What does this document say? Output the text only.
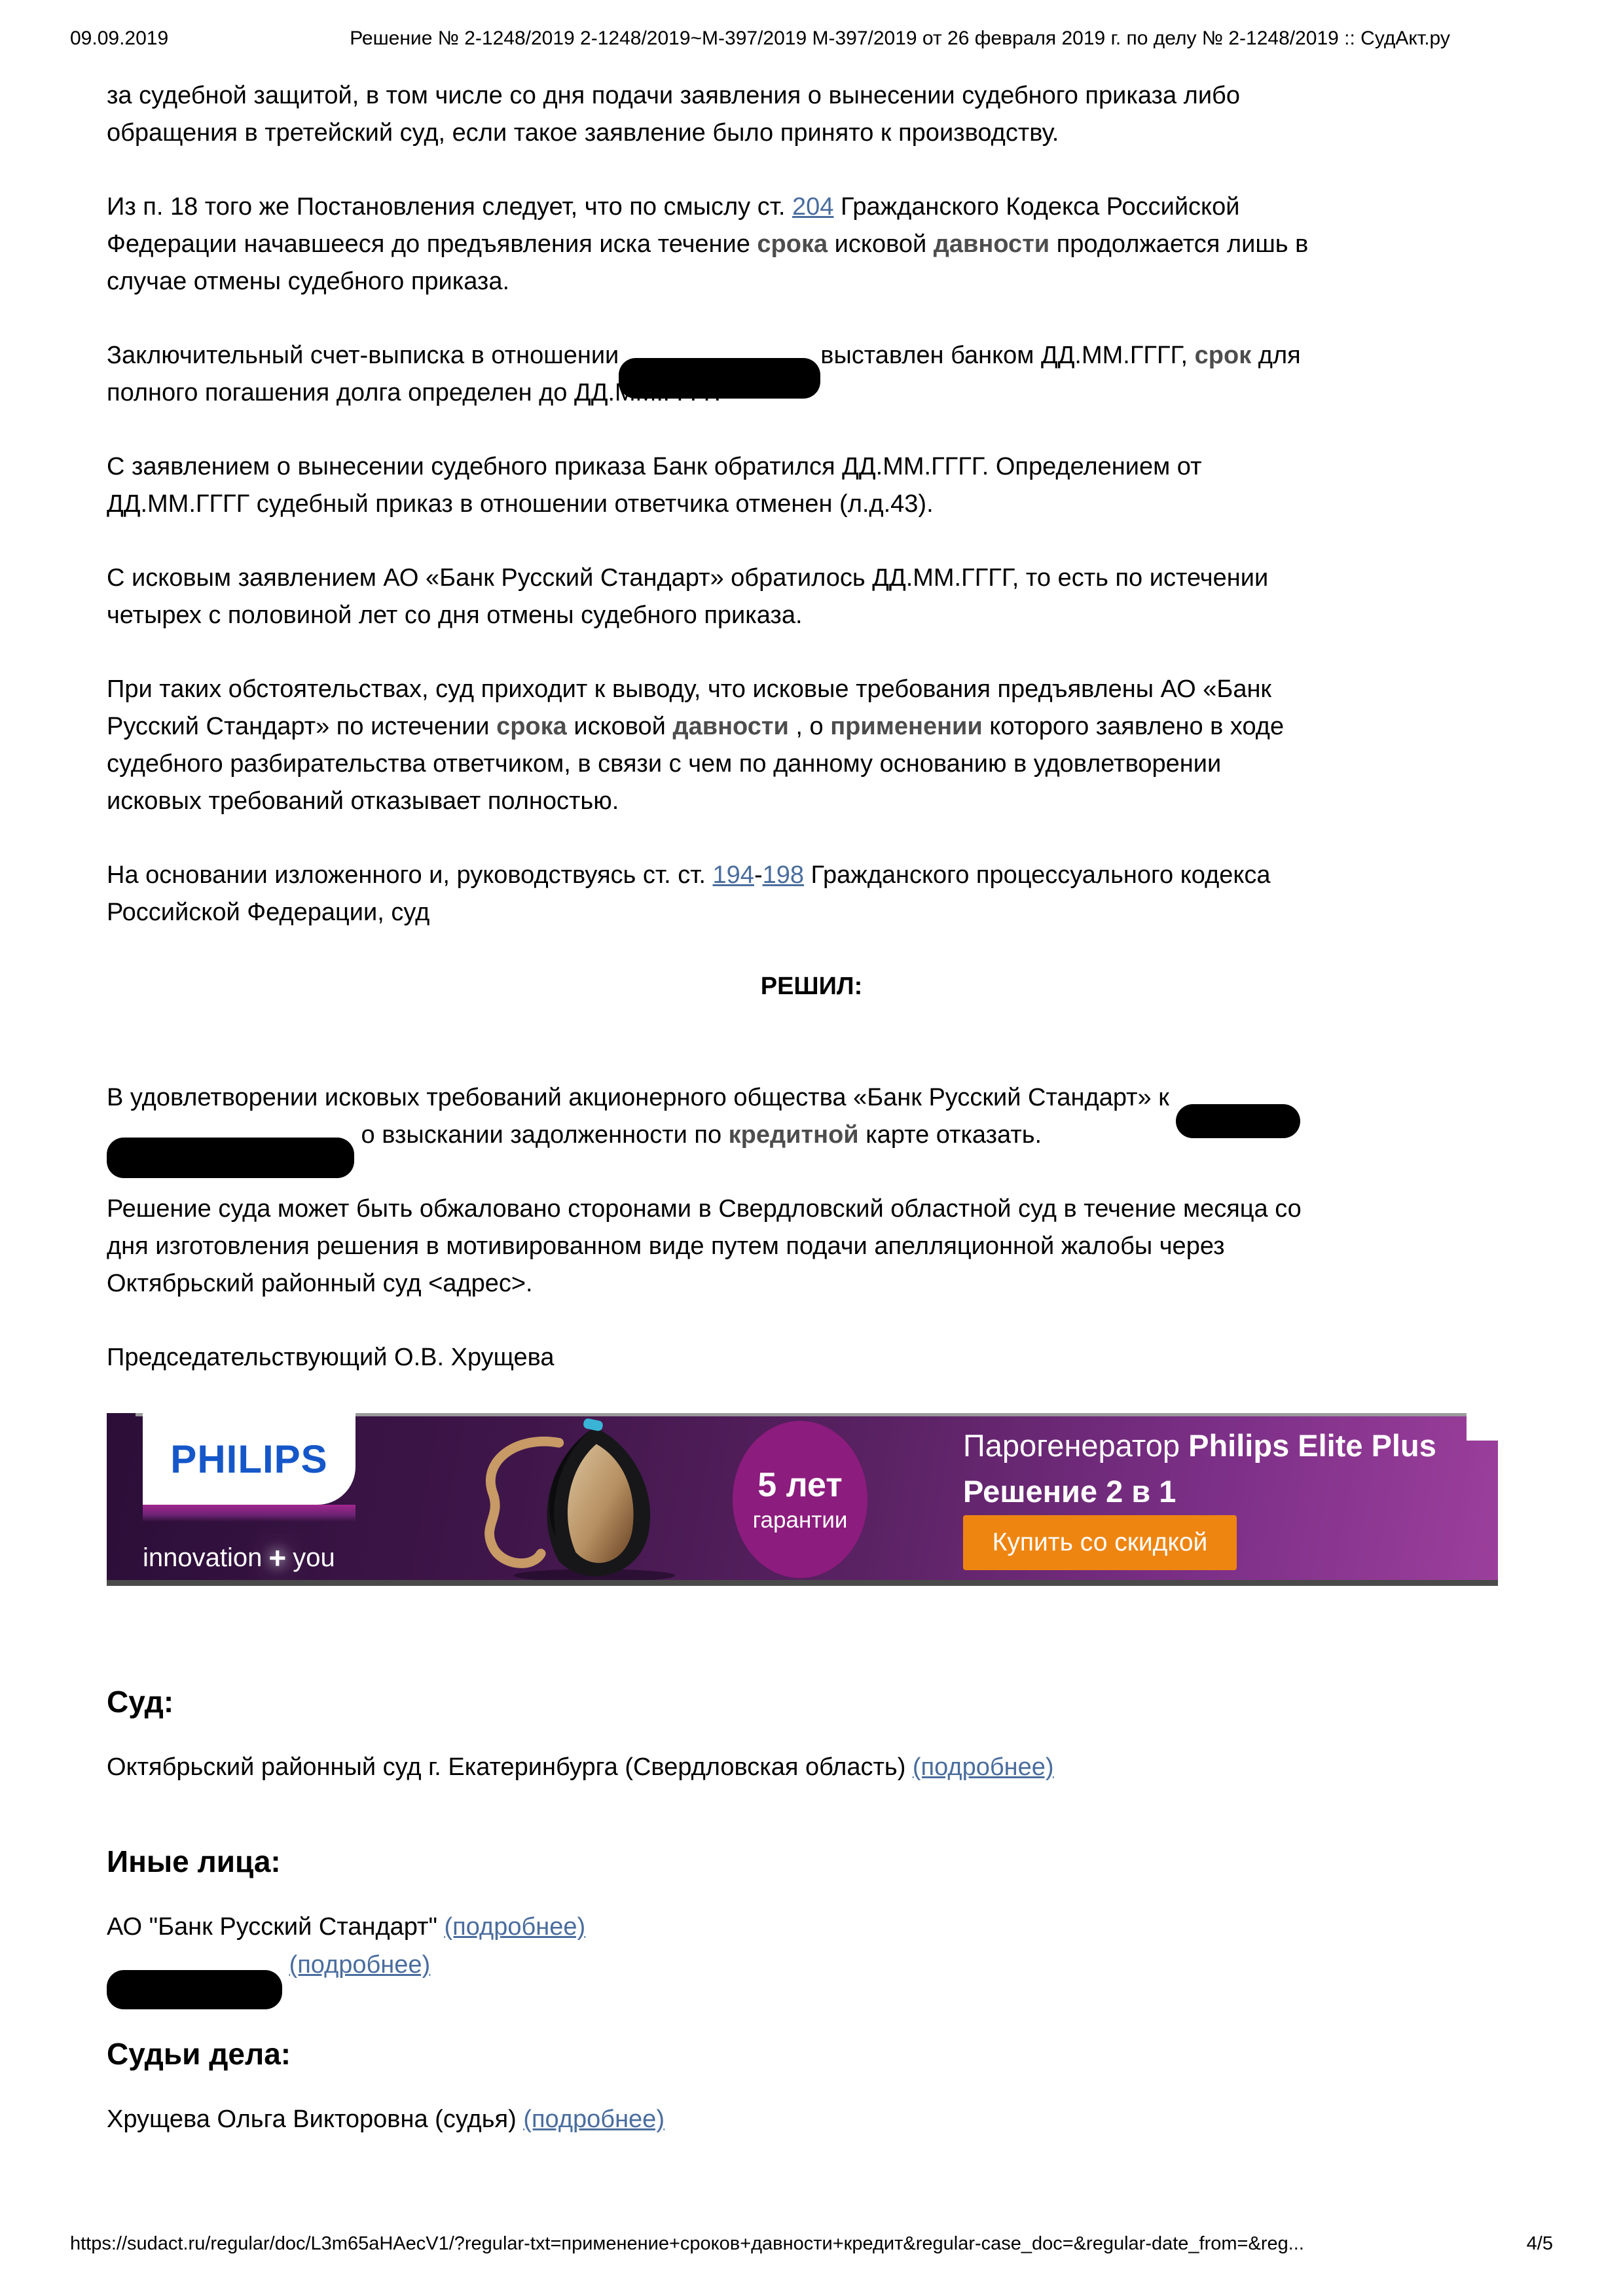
09.09.2019	Решение № 2-1248/2019 2-1248/2019~М-397/2019 М-397/2019 от 26 февраля 2019 г. по делу № 2-1248/2019 :: СудАкт.ру

за судебной защитой, в том числе со дня подачи заявления о вынесении судебного приказа либо
обращения в третейский суд, если такое заявление было принято к производству.

Из п. 18 того же Постановления следует, что по смыслу ст. 204 Гражданского Кодекса Российской
Федерации начавшееся до предъявления иска течение срока исковой давности продолжается лишь в
случае отмены судебного приказа.

Заключительный счет-выписка в отношении	выставлен банком ДД.ММ.ГГГГ, срок для
полного погашения долга определен до ДД.ММ.ГГГГ.

С заявлением о вынесении судебного приказа Банк обратился ДД.ММ.ГГГГ. Определением от
ДД.ММ.ГГГГ судебный приказ в отношении ответчика отменен (л.д.43).

С исковым заявлением АО «Банк Русский Стандарт» обратилось ДД.ММ.ГГГГ, то есть по истечении
четырех с половиной лет со дня отмены судебного приказа.

При таких обстоятельствах, суд приходит к выводу, что исковые требования предъявлены АО «Банк
Русский Стандарт» по истечении срока исковой давности , о применении которого заявлено в ходе
судебного разбирательства ответчиком, в связи с чем по данному основанию в удовлетворении
исковых требований отказывает полностью.

На основании изложенного и, руководствуясь ст. ст. 194-198 Гражданского процессуального кодекса
Российской Федерации, суд

РЕШИЛ:

В удовлетворении исковых требований акционерного общества «Банк Русский Стандарт» к
о взыскании задолженности по кредитной карте отказать.

Решение суда может быть обжаловано сторонами в Свердловский областной суд в течение месяца со
дня изготовления решения в мотивированном виде путем подачи апелляционной жалобы через
Октябрьский районный суд <адрес>.

Председательствующий О.В. Хрущева

PHILIPS
innovation + you
5 лет
гарантии
Парогенератор Philips Elite Plus
Решение 2 в 1
Купить со скидкой
Суд:
Октябрьский районный суд г. Екатеринбурга (Свердловская область) (подробнее)
Иные лица:
АО "Банк Русский Стандарт" (подробнее)
(подробнее)
Судьи дела:
Хрущева Ольга Викторовна (судья) (подробнее)
https://sudact.ru/regular/doc/L3m65aHAecV1/?regular-txt=применение+сроков+давности+кредит&regular-case_doc=&regular-date_from=&reg...	4/5
